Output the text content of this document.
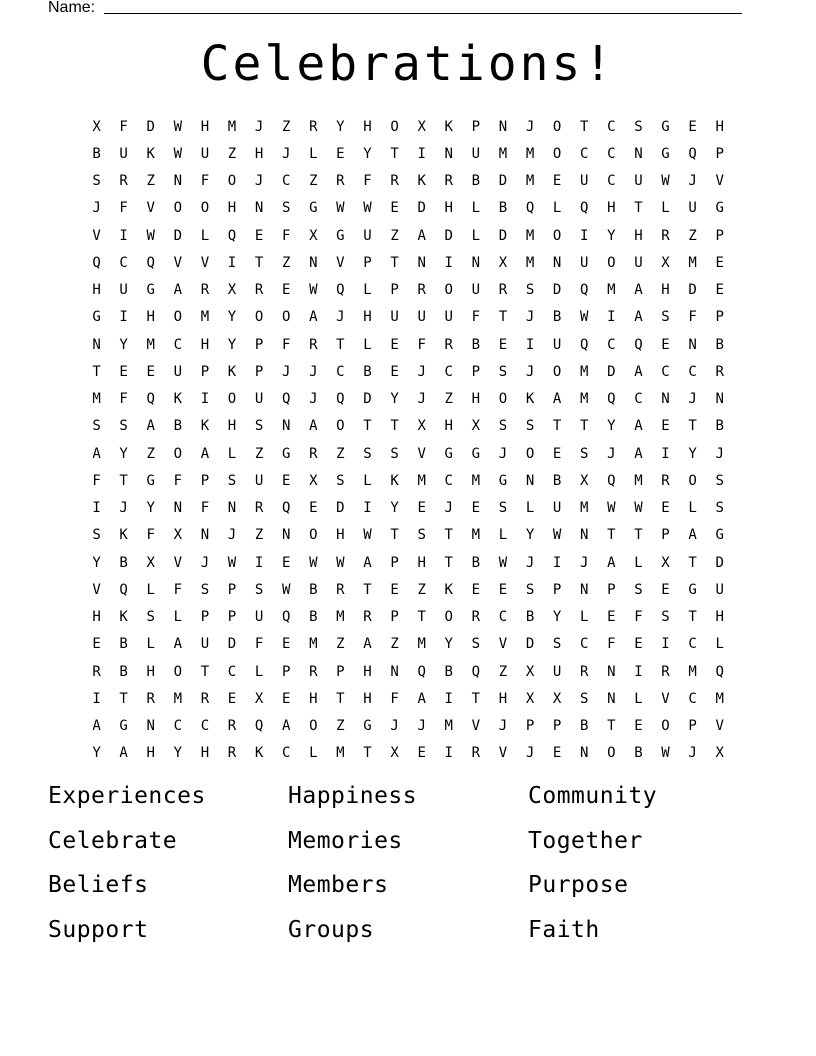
Name:
Celebrations!
X	F	D	W	H	M	J	Z	R	Y	H	O	X	K	P	N	J	O	T	C	S	G	E	H
B	U	K	W	U	Z	H	J	L	E	Y	T	I	N	U	M	M	O	C	C	N	G	Q	P
S	R	Z	N	F	O	J	C	Z	R	F	R	K	R	B	D	M	E	U	C	U	W	J	V
J	F	V	O	O	H	N	S	G	W	W	E	D	H	L	B	Q	L	Q	H	T	L	U	G
V	I	W	D	L	Q	E	F	X	G	U	Z	A	D	L	D	M	O	I	Y	H	R	Z	P
Q	C	Q	V	V	I	T	Z	N	V	P	T	N	I	N	X	M	N	U	O	U	X	M	E
H	U	G	A	R	X	R	E	W	Q	L	P	R	O	U	R	S	D	Q	M	A	H	D	E
G	I	H	O	M	Y	O	O	A	J	H	U	U	U	F	T	J	B	W	I	A	S	F	P
N	Y	M	C	H	Y	P	F	R	T	L	E	F	R	B	E	I	U	Q	C	Q	E	N	B
T	E	E	U	P	K	P	J	J	C	B	E	J	C	P	S	J	O	M	D	A	C	C	R
M	F	Q	K	I	O	U	Q	J	Q	D	Y	J	Z	H	O	K	A	M	Q	C	N	J	N
S	S	A	B	K	H	S	N	A	O	T	T	X	H	X	S	S	T	T	Y	A	E	T	B
A	Y	Z	O	A	L	Z	G	R	Z	S	S	V	G	G	J	O	E	S	J	A	I	Y	J
F	T	G	F	P	S	U	E	X	S	L	K	M	C	M	G	N	B	X	Q	M	R	O	S
I	J	Y	N	F	N	R	Q	E	D	I	Y	E	J	E	S	L	U	M	W	W	E	L	S
S	K	F	X	N	J	Z	N	O	H	W	T	S	T	M	L	Y	W	N	T	T	P	A	G
Y	B	X	V	J	W	I	E	W	W	A	P	H	T	B	W	J	I	J	A	L	X	T	D
V	Q	L	F	S	P	S	W	B	R	T	E	Z	K	E	E	S	P	N	P	S	E	G	U
H	K	S	L	P	P	U	Q	B	M	R	P	T	O	R	C	B	Y	L	E	F	S	T	H
E	B	L	A	U	D	F	E	M	Z	A	Z	M	Y	S	V	D	S	C	F	E	I	C	L
R	B	H	O	T	C	L	P	R	P	H	N	Q	B	Q	Z	X	U	R	N	I	R	M	Q
I	T	R	M	R	E	X	E	H	T	H	F	A	I	T	H	X	X	S	N	L	V	C	M
A	G	N	C	C	R	Q	A	O	Z	G	J	J	M	V	J	P	P	B	T	E	O	P	V
Y	A	H	Y	H	R	K	C	L	M	T	X	E	I	R	V	J	E	N	O	B	W	J	X
Experiences	Happiness	Community
Celebrate	Memories	Together
Beliefs	Members	Purpose
Support	Groups	Faith
